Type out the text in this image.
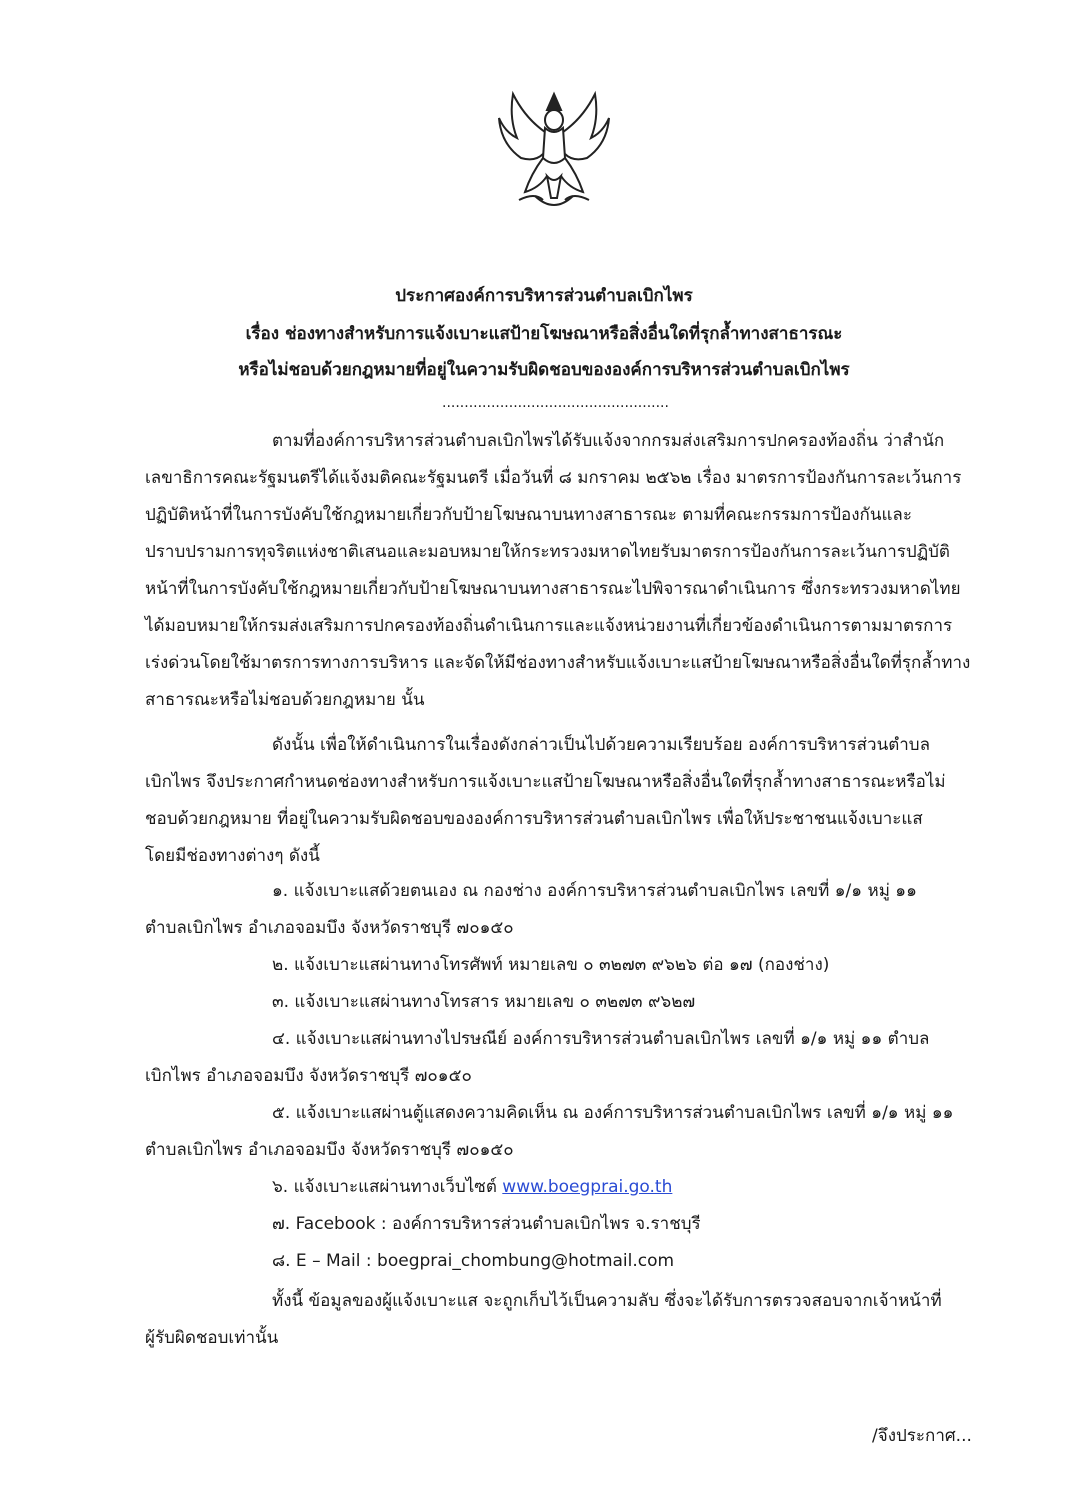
ประกาศองค์การบริหารส่วนตำบลเบิกไพร
เรื่อง ช่องทางสำหรับการแจ้งเบาะแสป้ายโฆษณาหรือสิ่งอื่นใดที่รุกล้ำทางสาธารณะ
หรือไม่ชอบด้วยกฎหมายที่อยู่ในความรับผิดชอบขององค์การบริหารส่วนตำบลเบิกไพร
...................................................
ตามที่องค์การบริหารส่วนตำบลเบิกไพรได้รับแจ้งจากกรมส่งเสริมการปกครองท้องถิ่น ว่าสำนัก
เลขาธิการคณะรัฐมนตรีได้แจ้งมติคณะรัฐมนตรี เมื่อวันที่ ๘ มกราคม ๒๕๖๒ เรื่อง มาตรการป้องกันการละเว้นการ
ปฏิบัติหน้าที่ในการบังคับใช้กฎหมายเกี่ยวกับป้ายโฆษณาบนทางสาธารณะ ตามที่คณะกรรมการป้องกันและ
ปราบปรามการทุจริตแห่งชาติเสนอและมอบหมายให้กระทรวงมหาดไทยรับมาตรการป้องกันการละเว้นการปฏิบัติ
หน้าที่ในการบังคับใช้กฎหมายเกี่ยวกับป้ายโฆษณาบนทางสาธารณะไปพิจารณาดำเนินการ ซึ่งกระทรวงมหาดไทย
ได้มอบหมายให้กรมส่งเสริมการปกครองท้องถิ่นดำเนินการและแจ้งหน่วยงานที่เกี่ยวข้องดำเนินการตามมาตรการ
เร่งด่วนโดยใช้มาตรการทางการบริหาร และจัดให้มีช่องทางสำหรับแจ้งเบาะแสป้ายโฆษณาหรือสิ่งอื่นใดที่รุกล้ำทาง
สาธารณะหรือไม่ชอบด้วยกฎหมาย นั้น
ดังนั้น เพื่อให้ดำเนินการในเรื่องดังกล่าวเป็นไปด้วยความเรียบร้อย องค์การบริหารส่วนตำบล
เบิกไพร จึงประกาศกำหนดช่องทางสำหรับการแจ้งเบาะแสป้ายโฆษณาหรือสิ่งอื่นใดที่รุกล้ำทางสาธารณะหรือไม่
ชอบด้วยกฎหมาย ที่อยู่ในความรับผิดชอบขององค์การบริหารส่วนตำบลเบิกไพร เพื่อให้ประชาชนแจ้งเบาะแส
โดยมีช่องทางต่างๆ ดังนี้
๑. แจ้งเบาะแสด้วยตนเอง ณ กองช่าง องค์การบริหารส่วนตำบลเบิกไพร เลขที่ ๑/๑ หมู่ ๑๑
ตำบลเบิกไพร อำเภอจอมบึง จังหวัดราชบุรี ๗๐๑๕๐
๒. แจ้งเบาะแสผ่านทางโทรศัพท์ หมายเลข ๐ ๓๒๗๓ ๙๖๒๖ ต่อ ๑๗ (กองช่าง)
๓. แจ้งเบาะแสผ่านทางโทรสาร หมายเลข ๐ ๓๒๗๓ ๙๖๒๗
๔. แจ้งเบาะแสผ่านทางไปรษณีย์ องค์การบริหารส่วนตำบลเบิกไพร เลขที่ ๑/๑ หมู่ ๑๑ ตำบล
เบิกไพร อำเภอจอมบึง จังหวัดราชบุรี ๗๐๑๕๐
๕. แจ้งเบาะแสผ่านตู้แสดงความคิดเห็น ณ องค์การบริหารส่วนตำบลเบิกไพร เลขที่ ๑/๑ หมู่ ๑๑
ตำบลเบิกไพร อำเภอจอมบึง จังหวัดราชบุรี ๗๐๑๕๐
๖. แจ้งเบาะแสผ่านทางเว็บไซต์ www.boegprai.go.th
๗. Facebook : องค์การบริหารส่วนตำบลเบิกไพร จ.ราชบุรี
๘. E – Mail : boegprai_chombung@hotmail.com
ทั้งนี้ ข้อมูลของผู้แจ้งเบาะแส จะถูกเก็บไว้เป็นความลับ ซึ่งจะได้รับการตรวจสอบจากเจ้าหน้าที่
ผู้รับผิดชอบเท่านั้น
/จึงประกาศ...
